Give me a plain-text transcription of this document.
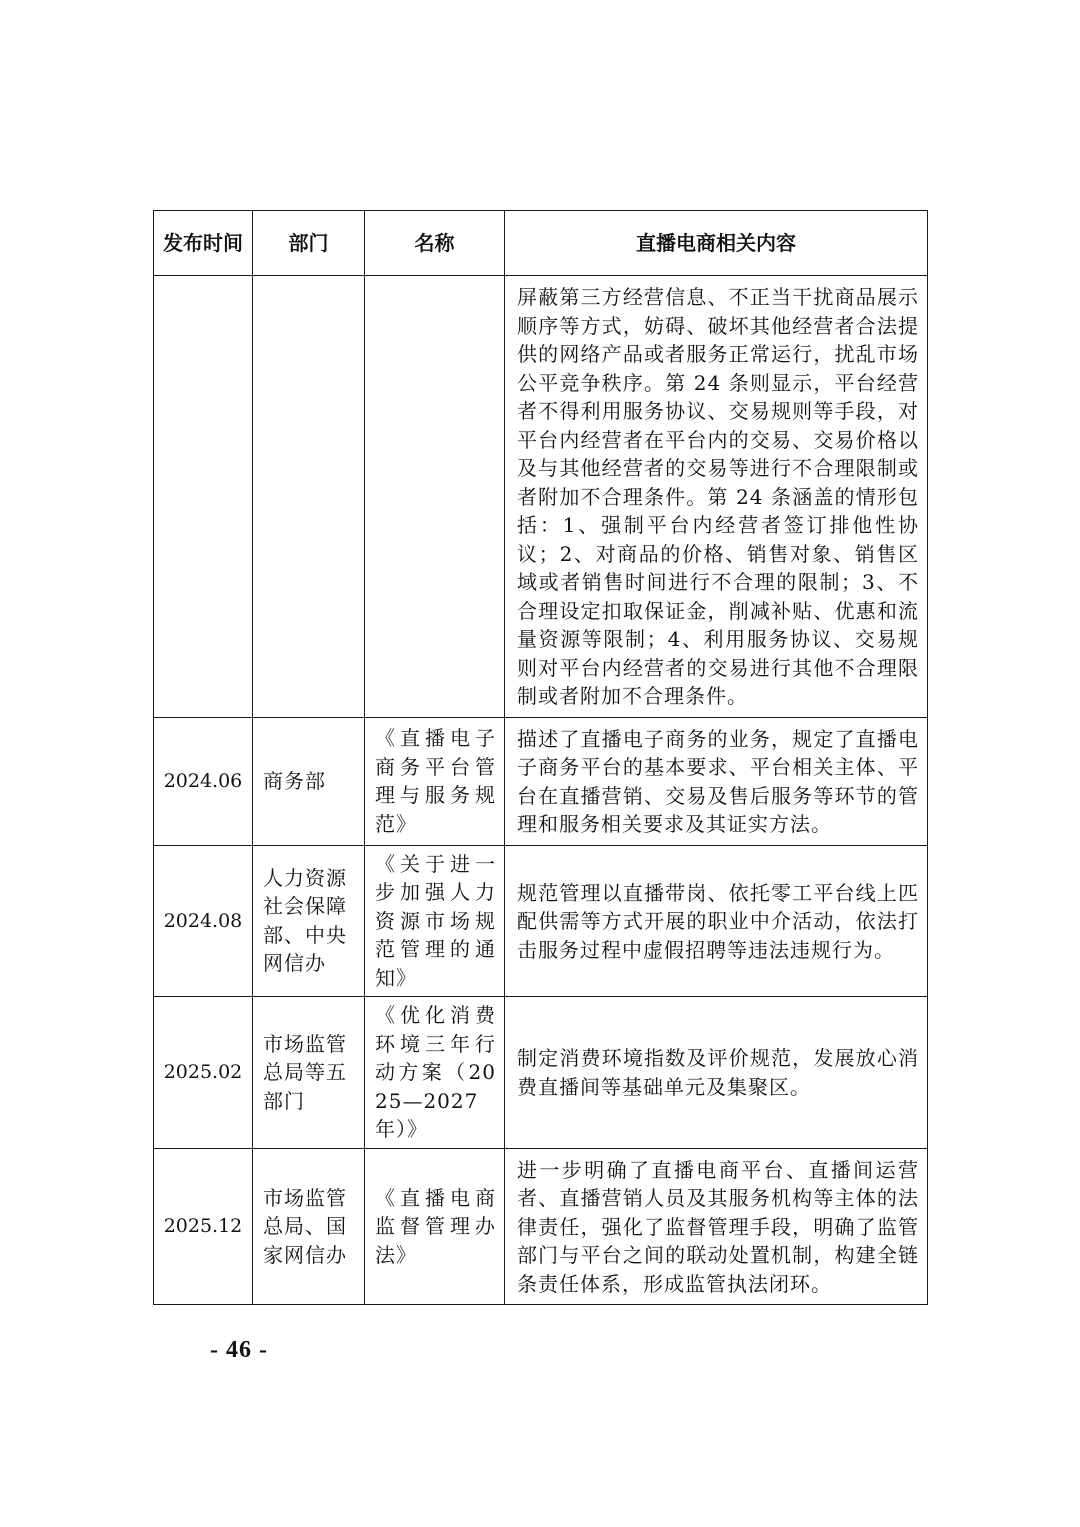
发布时间	部门	名称	直播电商相关内容

			屏蔽第三方经营信息、不正当干扰商品展示顺序等方式，妨碍、破坏其他经营者合法提供的网络产品或者服务正常运行，扰乱市场公平竞争秩序。第 24 条则显示，平台经营者不得利用服务协议、交易规则等手段，对平台内经营者在平台内的交易、交易价格以及与其他经营者的交易等进行不合理限制或者附加不合理条件。第 24 条涵盖的情形包括：1、强制平台内经营者签订排他性协议；2、对商品的价格、销售对象、销售区域或者销售时间进行不合理的限制；3、不合理设定扣取保证金，削减补贴、优惠和流量资源等限制；4、利用服务协议、交易规则对平台内经营者的交易进行其他不合理限制或者附加不合理条件。

2024.06	商务部	《直播电子商务平台管理与服务规范》	描述了直播电子商务的业务，规定了直播电子商务平台的基本要求、平台相关主体、平台在直播营销、交易及售后服务等环节的管理和服务相关要求及其证实方法。

2024.08	人力资源社会保障部、中央网信办	《关于进一步加强人力资源市场规范管理的通知》	规范管理以直播带岗、依托零工平台线上匹配供需等方式开展的职业中介活动，依法打击服务过程中虚假招聘等违法违规行为。

2025.02	市场监管总局等五部门	《优化消费环境三年行动方案（2025—2027 年）》	制定消费环境指数及评价规范，发展放心消费直播间等基础单元及集聚区。

2025.12	市场监管总局、国家网信办	《直播电商监督管理办法》	进一步明确了直播电商平台、直播间运营者、直播营销人员及其服务机构等主体的法律责任，强化了监督管理手段，明确了监管部门与平台之间的联动处置机制，构建全链条责任体系，形成监管执法闭环。
- 46 -
